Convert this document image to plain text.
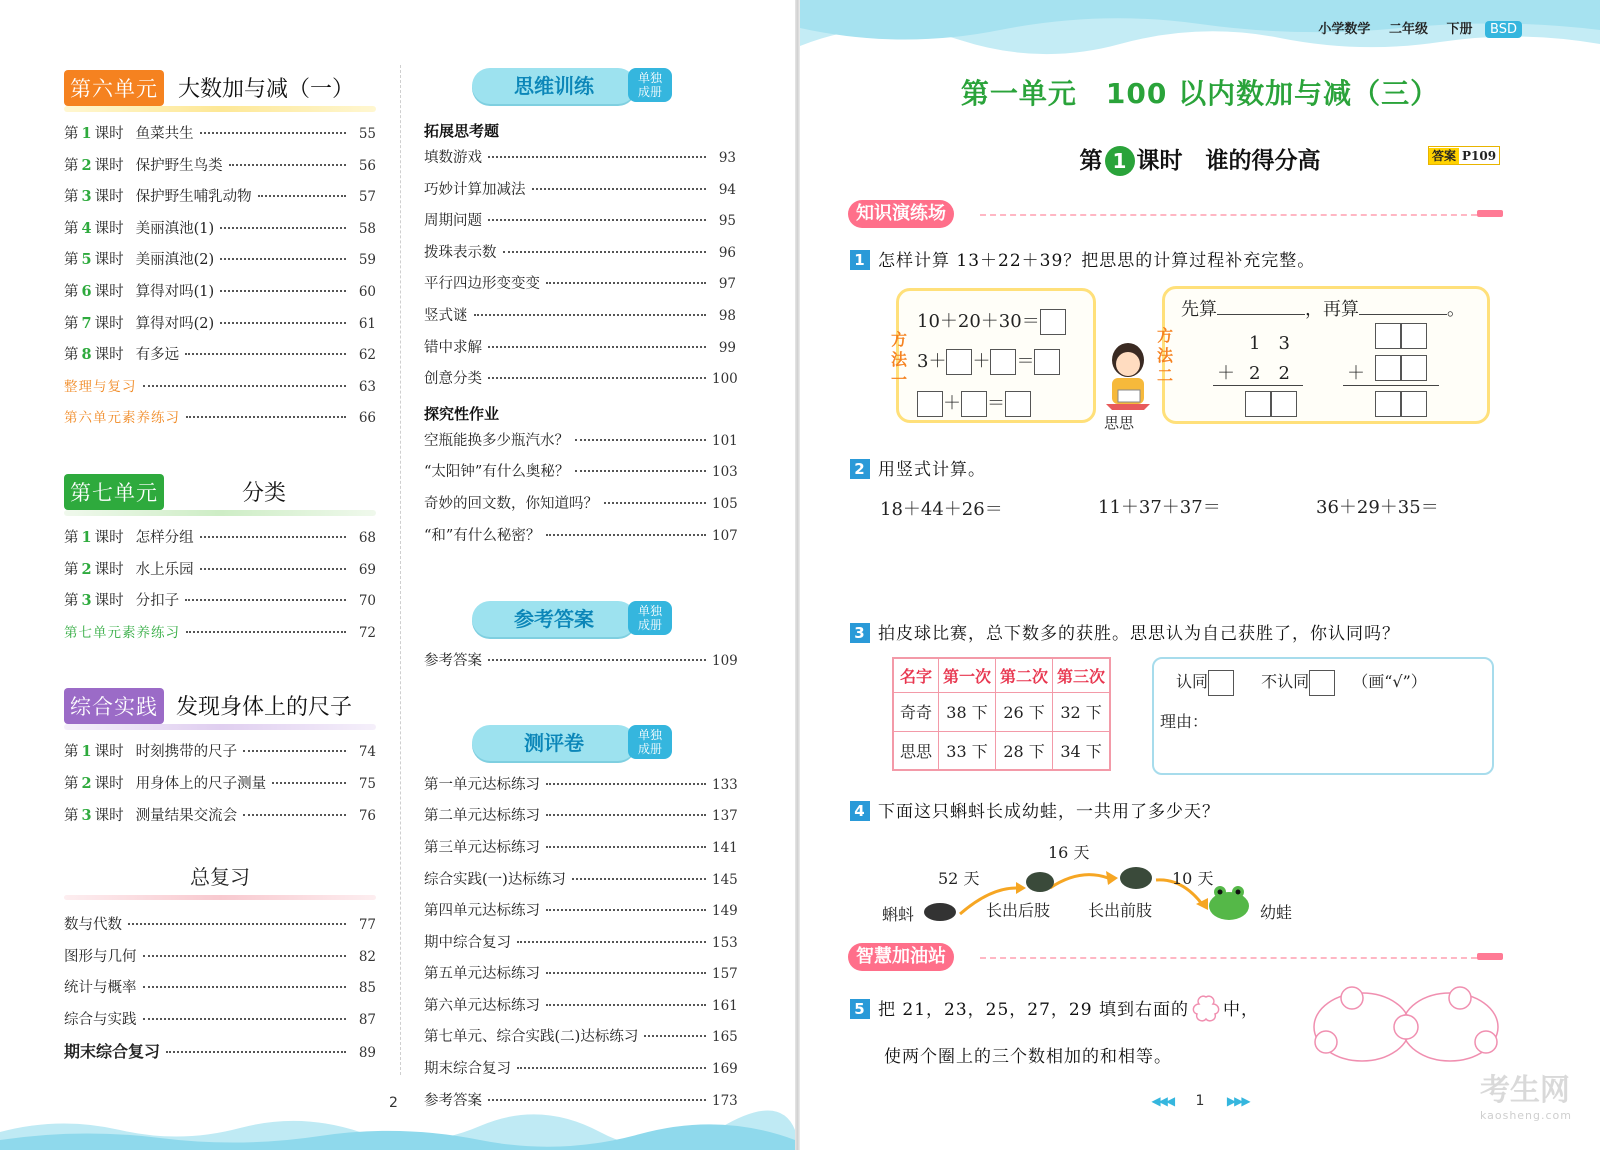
第六单元 大数加与减（一）
第 1 课时 鱼菜共生	55
第 2 课时 保护野生鸟类	56
第 3 课时 保护野生哺乳动物	57
第 4 课时 美丽滇池(1)	58
第 5 课时 美丽滇池(2)	59
第 6 课时 算得对吗(1)	60
第 7 课时 算得对吗(2)	61
第 8 课时 有多远	62
整理与复习	63
第六单元素养练习	66
第七单元	分类
第 1 课时 怎样分组	68
第 2 课时 水上乐园	69
第 3 课时 分扣子	70
第七单元素养练习	72
综合实践 发现身体上的尺子
第 1 课时 时刻携带的尺子	74
第 2 课时 用身体上的尺子测量	75
第 3 课时 测量结果交流会	76
总复习
数与代数	77
图形与几何	82
统计与概率	85
综合与实践	87
期末综合复习	89
思维训练	单独成册
拓展思考题
填数游戏	93
巧妙计算加减法	94
周期问题	95
拨珠表示数	96
平行四边形变变变	97
竖式谜	98
错中求解	99
创意分类	100
探究性作业
空瓶能换多少瓶汽水？	101
“太阳钟”有什么奥秘？	103
奇妙的回文数，你知道吗？	105
“和”有什么秘密？	107
参考答案	单独成册
参考答案	109
测评卷	单独成册
第一单元达标练习	133
第二单元达标练习	137
第三单元达标练习	141
综合实践(一)达标练习	145
第四单元达标练习	149
期中综合复习	153
第五单元达标练习	157
第六单元达标练习	161
第七单元、综合实践(二)达标练习	165
期末综合复习	169
参考答案	173
2
小学数学 二年级 下册 BSD
第一单元　100 以内数加与减（三）
第 1 课时　 谁的得分高	答案 P109
知识演练场
1 怎样计算 13＋22＋39？把思思的计算过程补充完整。
10＋20＋30＝
3＋ ＋ ＝
＋ ＝
方法一
思思
先算	，再算	。
1　3
＋ 2　2	＋
方法二
2 用竖式计算。
18＋44＋26＝	11＋37＋37＝	36＋29＋35＝
3 拍皮球比赛，总下数多的获胜。思思认为自己获胜了，你认同吗？
名字	第一次	第二次	第三次
奇奇	38 下	26 下	32 下
思思	33 下	28 下	34 下
认同	不认同	（画“√”）
理由：
4 下面这只蝌蚪长成幼蛙，一共用了多少天？
52 天
16 天
10 天
蝌蚪	长出后肢 长出前肢	幼蛙
智慧加油站
5 把 21，23，25，27，29 填到右面的 中，
使两个圈上的三个数相加的和相等。
◀◀◀ 1 ▶▶▶	考生网
kaosheng.com
